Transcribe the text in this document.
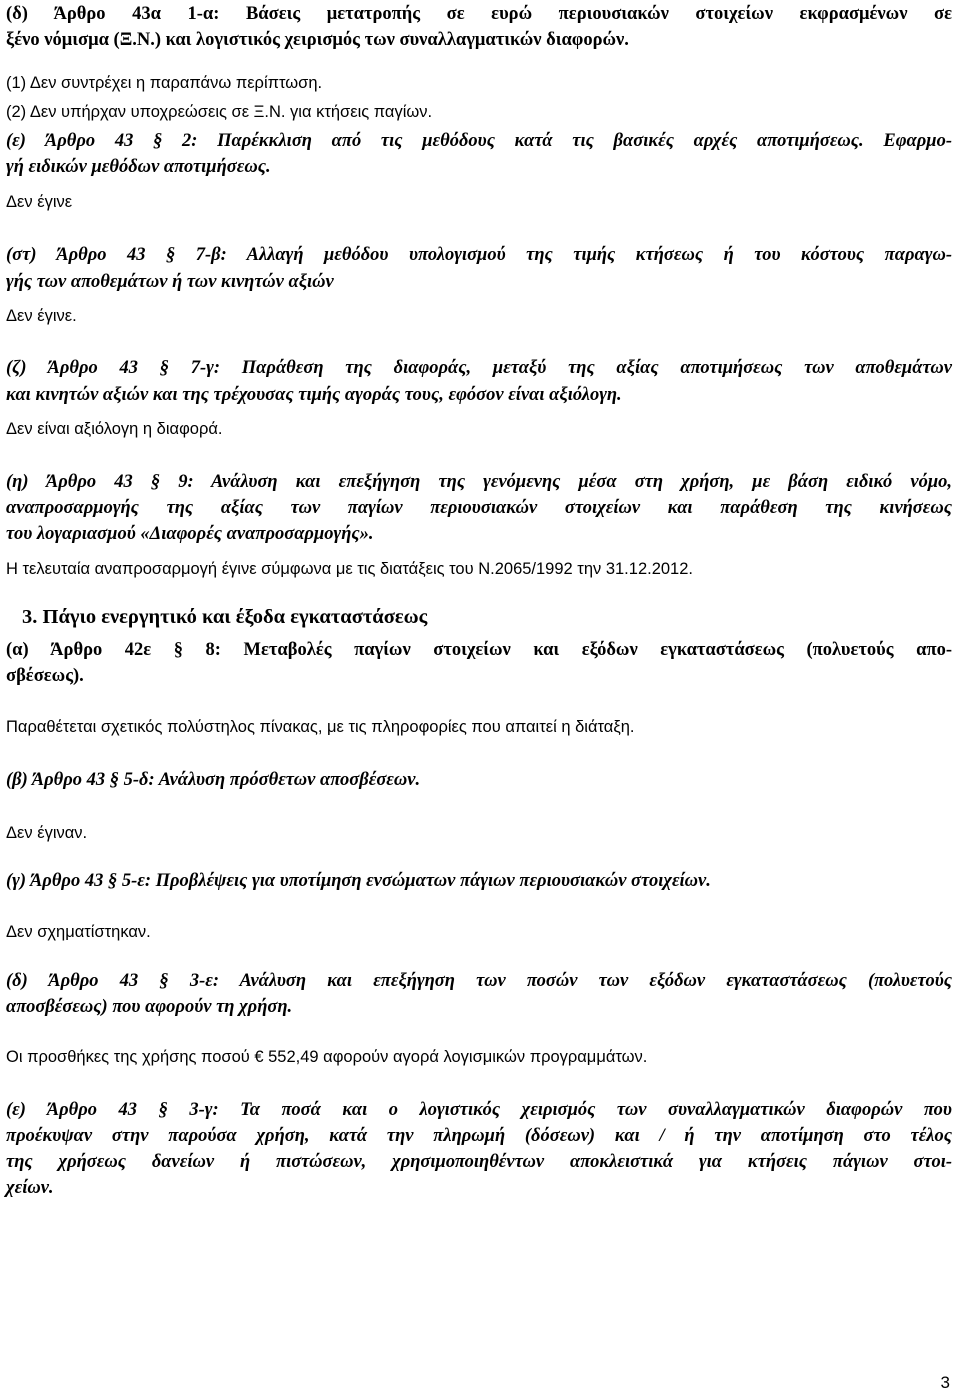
(δ) Άρθρο 43α 1-α: Βάσεις μετατροπής σε ευρώ περιουσιακών στοιχείων εκφρασμένων σε
ξένο νόμισμα (Ξ.Ν.) και λογιστικός χειρισμός των συναλλαγματικών διαφορών.
(1) Δεν συντρέχει η παραπάνω περίπτωση.
(2) Δεν υπήρχαν υποχρεώσεις σε Ξ.Ν. για κτήσεις παγίων.
(ε) Άρθρο 43 § 2: Παρέκκλιση από τις μεθόδους κατά τις βασικές αρχές αποτιμήσεως. Εφαρμο-
γή ειδικών μεθόδων αποτιμήσεως.
Δεν έγινε
(στ) Άρθρο 43 § 7-β: Αλλαγή μεθόδου υπολογισμού της τιμής κτήσεως ή του κόστους παραγω-
γής των αποθεμάτων ή των κινητών αξιών
Δεν έγινε.
(ζ) Άρθρο 43 § 7-γ: Παράθεση της διαφοράς, μεταξύ της αξίας αποτιμήσεως των αποθεμάτων
και κινητών αξιών και της τρέχουσας τιμής αγοράς τους, εφόσον είναι αξιόλογη.
Δεν είναι αξιόλογη η διαφορά.
(η) Άρθρο 43 § 9: Ανάλυση και επεξήγηση της γενόμενης μέσα στη χρήση, με βάση ειδικό νόμο,
αναπροσαρμογής της αξίας των παγίων περιουσιακών στοιχείων και παράθεση της κινήσεως
του λογαριασμού «Διαφορές αναπροσαρμογής».
Η τελευταία αναπροσαρμογή έγινε σύμφωνα με τις διατάξεις του Ν.2065/1992 την 31.12.2012.
3. Πάγιο ενεργητικό και έξοδα εγκαταστάσεως
(α) Άρθρο 42ε § 8: Μεταβολές παγίων στοιχείων και εξόδων εγκαταστάσεως (πολυετούς απο-
σβέσεως).
Παραθέτεται σχετικός πολύστηλος πίνακας, με τις πληροφορίες που απαιτεί η διάταξη.
(β) Άρθρο 43 § 5-δ: Ανάλυση πρόσθετων αποσβέσεων.
Δεν έγιναν.
(γ) Άρθρο 43 § 5-ε: Προβλέψεις για υποτίμηση ενσώματων πάγιων περιουσιακών στοιχείων.
Δεν σχηματίστηκαν.
(δ) Άρθρο 43 § 3-ε: Ανάλυση και επεξήγηση των ποσών των εξόδων εγκαταστάσεως (πολυετούς
αποσβέσεως) που αφορούν τη χρήση.
Οι προσθήκες της χρήσης ποσού € 552,49 αφορούν αγορά λογισμικών προγραμμάτων.
(ε) Άρθρο 43 § 3-γ: Τα ποσά και ο λογιστικός χειρισμός των συναλλαγματικών διαφορών που
προέκυψαν στην παρούσα χρήση, κατά την πληρωμή (δόσεων) και / ή την αποτίμηση στο τέλος
της χρήσεως δανείων ή πιστώσεων, χρησιμοποιηθέντων αποκλειστικά για κτήσεις πάγιων στοι-
χείων.
3
